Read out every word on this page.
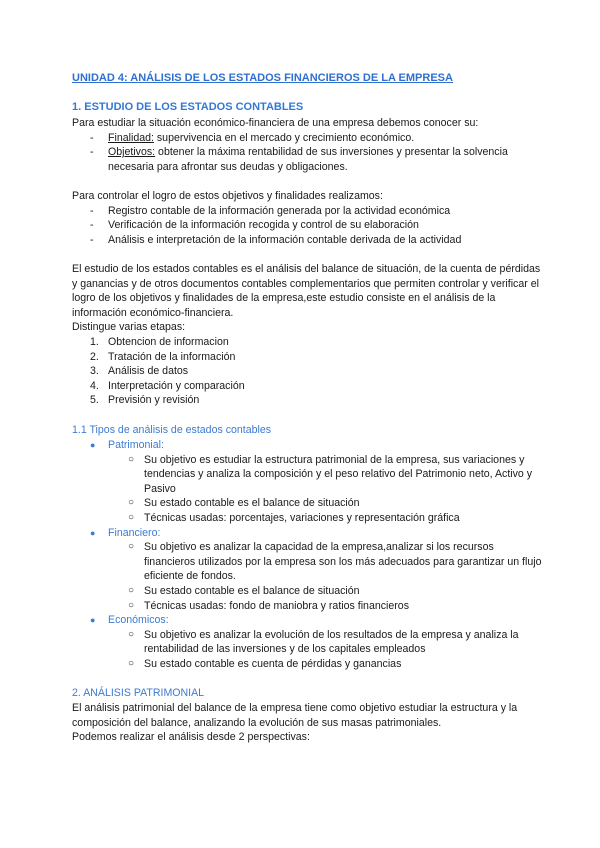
UNIDAD 4: ANÁLISIS DE LOS ESTADOS FINANCIEROS DE LA EMPRESA
1. ESTUDIO DE LOS ESTADOS CONTABLES

Para estudiar la situación económico-financiera de una empresa debemos conocer su:

- Finalidad: supervivencia en el mercado y crecimiento económico.
- Objetivos: obtener la máxima rentabilidad de sus inversiones y presentar la solvencia necesaria para afrontar sus deudas y obligaciones.

Para controlar el logro de estos objetivos y finalidades realizamos:

- Registro contable de la información generada por la actividad económica
- Verificación de la información recogida y control de su elaboración
- Análisis e interpretación de la información contable derivada de la actividad

El estudio de los estados contables es el análisis del balance de situación, de la cuenta de pérdidas y ganancias y de otros documentos contables complementarios que permiten controlar y verificar el logro de los objetivos y finalidades de la empresa,este estudio consiste en el análisis de la información económico-financiera.

Distingue varias etapas:

1. Obtencion de informacion
2. Tratación de la información
3. Análisis de datos
4. Interpretación y comparación
5. Previsión y revisión
1.1 Tipos de análisis de estados contables
● Patrimonial:
○ Su objetivo es estudiar la estructura patrimonial de la empresa, sus variaciones y tendencias y analiza la composición y el peso relativo del Patrimonio neto, Activo y Pasivo
○ Su estado contable es el balance de situación
○ Técnicas usadas: porcentajes, variaciones y representación gráfica
● Financiero:
○ Su objetivo es analizar la capacidad de la empresa,analizar si los recursos financieros utilizados por la empresa son los más adecuados para garantizar un flujo eficiente de fondos.
○ Su estado contable es el balance de situación
○ Técnicas usadas: fondo de maniobra y ratios financieros
● Económicos:
○ Su objetivo es analizar la evolución de los resultados de la empresa y analiza la rentabilidad de las inversiones y de los capitales empleados
○ Su estado contable es cuenta de pérdidas y ganancias
2. ANÁLISIS PATRIMONIAL

El análisis patrimonial del balance de la empresa tiene como objetivo estudiar la estructura y la composición del balance, analizando la evolución de sus masas patrimoniales.

Podemos realizar el análisis desde 2 perspectivas:
